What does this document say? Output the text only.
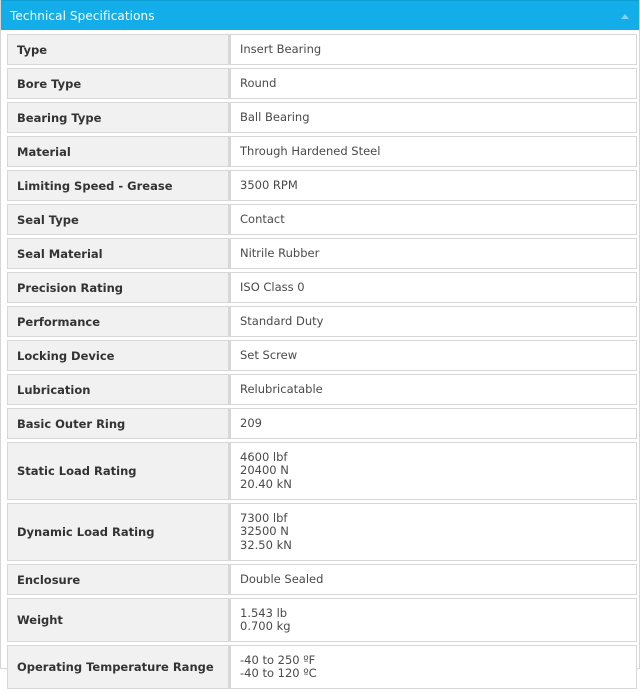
Technical Specifications
Type	Insert Bearing

Bore Type	Round

Bearing Type	Ball Bearing

Material	Through Hardened Steel

Limiting Speed - Grease	3500 RPM

Seal Type	Contact

Seal Material	Nitrile Rubber

Precision Rating	ISO Class 0

Performance	Standard Duty

Locking Device	Set Screw

Lubrication	Relubricatable

Basic Outer Ring	209

Static Load Rating	4600 lbf
20400 N
20.40 kN

Dynamic Load Rating	7300 lbf
32500 N
32.50 kN

Enclosure	Double Sealed

Weight	1.543 lb
0.700 kg

Operating Temperature Range	-40 to 250 ºF
-40 to 120 ºC
